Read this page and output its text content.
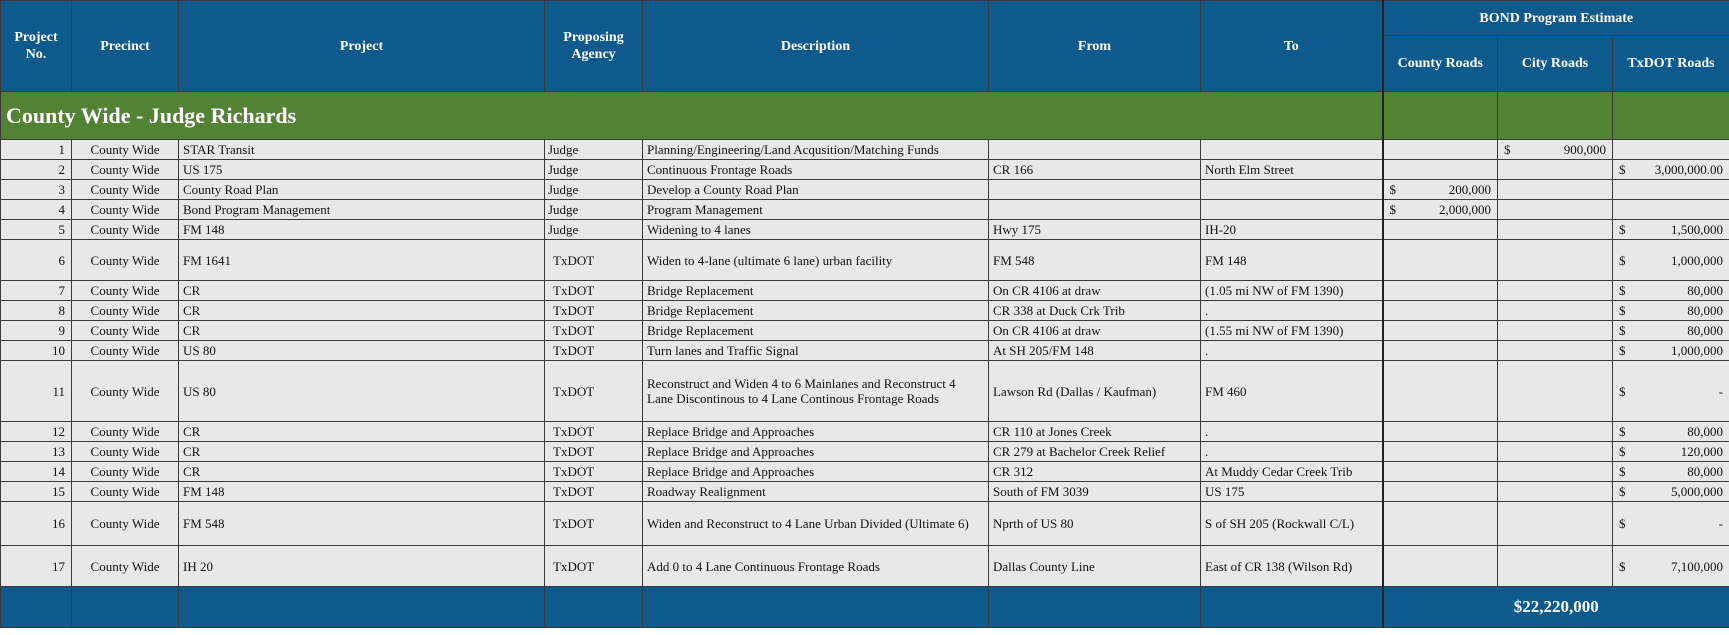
Project No.	Precinct	Project	Proposing Agency	Description	From	To	BOND Program Estimate		
							County Roads	City Roads	TxDOT Roads
County Wide - Judge Richards									
1	County Wide	STAR Transit	Judge	Planning/Engineering/Land Acqusition/Matching Funds				$ 900,000	

2	County Wide	US 175	Judge	Continuous Frontage Roads	CR 166	North Elm Street			$ 3,000,000.00

3	County Wide	County Road Plan	Judge	Develop a County Road Plan			$ 200,000		

4	County Wide	Bond Program Management	Judge	Program Management			$ 2,000,000		

5	County Wide	FM 148	Judge	Widening to 4 lanes	Hwy 175	IH-20			$ 1,500,000

6	County Wide	FM 1641	TxDOT	Widen to 4-lane (ultimate 6 lane) urban facility	FM 548	FM 148			$ 1,000,000

7	County Wide	CR	TxDOT	Bridge Replacement	On CR 4106 at draw	(1.05 mi NW of FM 1390)			$ 80,000

8	County Wide	CR	TxDOT	Bridge Replacement	CR 338 at Duck Crk Trib	.			$ 80,000

9	County Wide	CR	TxDOT	Bridge Replacement	On CR 4106 at draw	(1.55 mi NW of FM 1390)			$ 80,000

10	County Wide	US 80	TxDOT	Turn lanes and Traffic Signal	At SH 205/FM 148	.			$ 1,000,000

11	County Wide	US 80	TxDOT	Reconstruct and Widen 4 to 6 Mainlanes and Reconstruct 4 Lane Discontinous to 4 Lane Continous Frontage Roads	Lawson Rd (Dallas / Kaufman)	FM 460			$ -

12	County Wide	CR	TxDOT	Replace Bridge and Approaches	CR 110 at Jones Creek	.			$ 80,000

13	County Wide	CR	TxDOT	Replace Bridge and Approaches	CR 279 at Bachelor Creek Relief	.			$ 120,000

14	County Wide	CR	TxDOT	Replace Bridge and Approaches	CR 312	At Muddy Cedar Creek Trib			$ 80,000

15	County Wide	FM 148	TxDOT	Roadway Realignment	South of FM 3039	US 175			$ 5,000,000

16	County Wide	FM 548	TxDOT	Widen and Reconstruct to 4 Lane Urban Divided (Ultimate 6)	Nprth of US 80	S of SH 205 (Rockwall C/L)			$ -

17	County Wide	IH 20	TxDOT	Add 0 to 4 Lane Continuous Frontage Roads	Dallas County Line	East of CR 138 (Wilson Rd)			$ 7,100,000

							$22,220,000		
